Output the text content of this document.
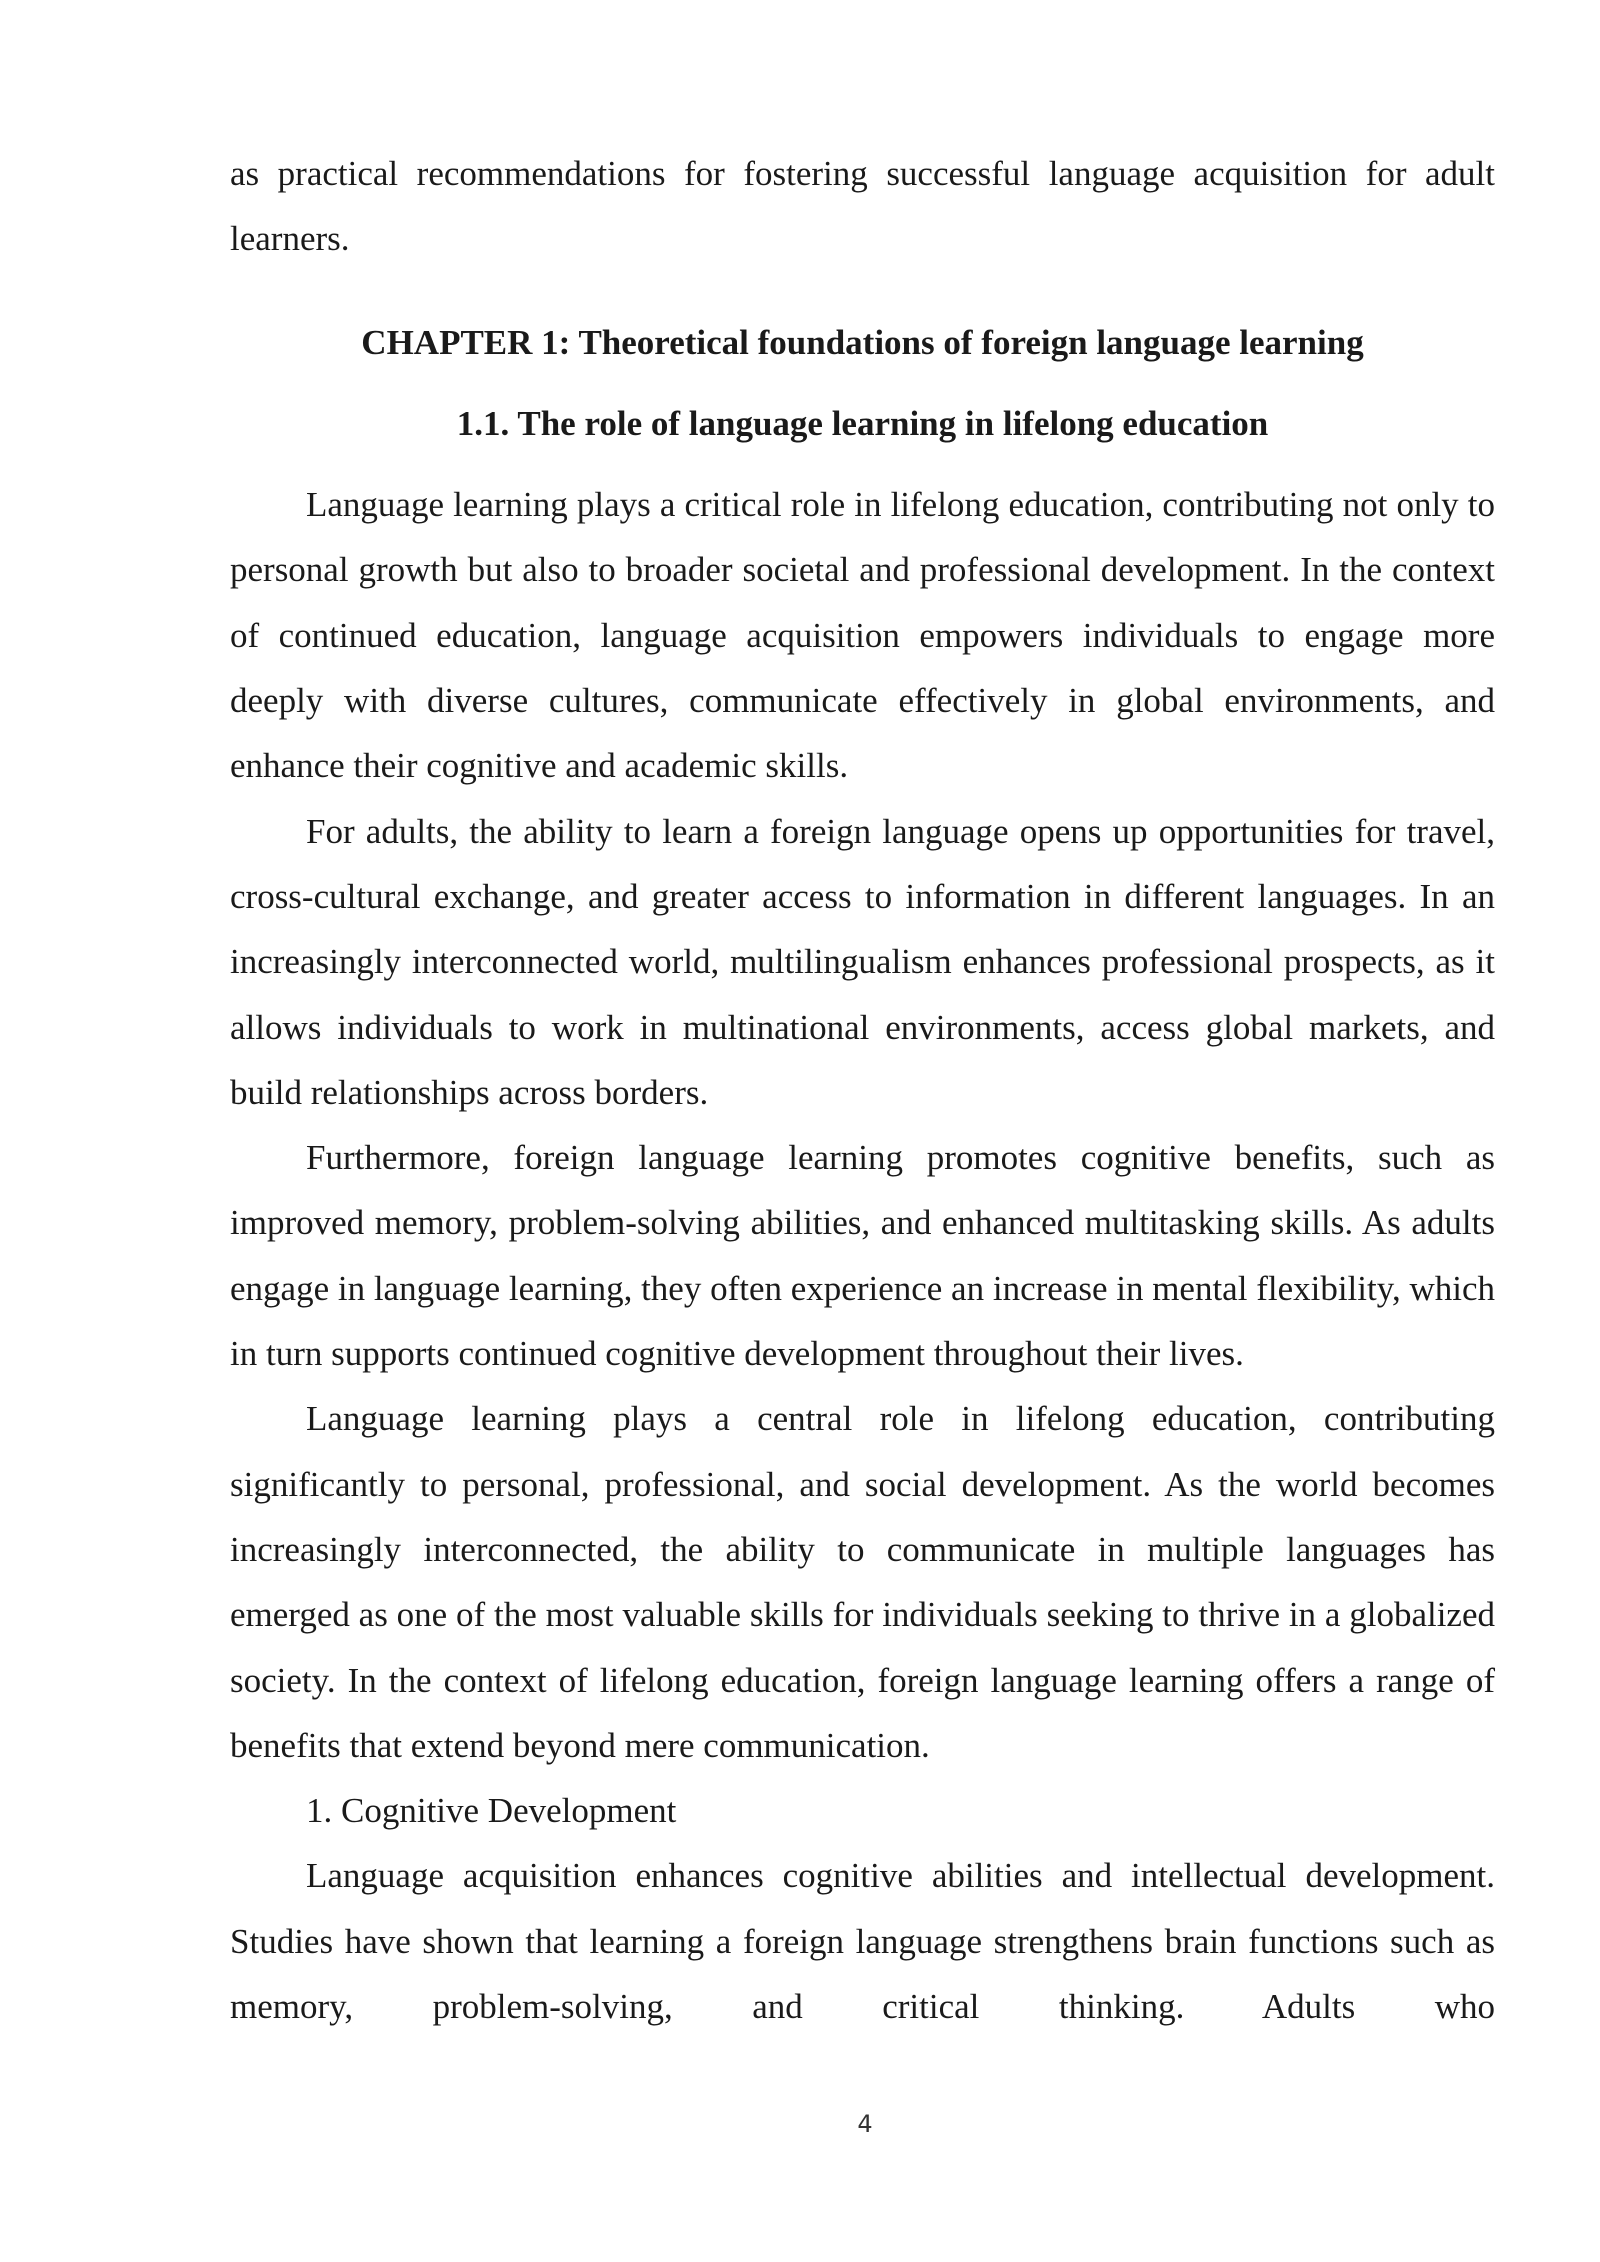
as practical recommendations for fostering successful language acquisition for adult learners.

CHAPTER 1: Theoretical foundations of foreign language learning

1.1. The role of language learning in lifelong education

Language learning plays a critical role in lifelong education, contributing not only to personal growth but also to broader societal and professional development. In the context of continued education, language acquisition empowers individuals to engage more deeply with diverse cultures, communicate effectively in global environments, and enhance their cognitive and academic skills.

For adults, the ability to learn a foreign language opens up opportunities for travel, cross-cultural exchange, and greater access to information in different languages. In an increasingly interconnected world, multilingualism enhances professional prospects, as it allows individuals to work in multinational environments, access global markets, and build relationships across borders.

Furthermore, foreign language learning promotes cognitive benefits, such as improved memory, problem-solving abilities, and enhanced multitasking skills. As adults engage in language learning, they often experience an increase in mental flexibility, which in turn supports continued cognitive development throughout their lives.

Language learning plays a central role in lifelong education, contributing significantly to personal, professional, and social development. As the world becomes increasingly interconnected, the ability to communicate in multiple languages has emerged as one of the most valuable skills for individuals seeking to thrive in a globalized society. In the context of lifelong education, foreign language learning offers a range of benefits that extend beyond mere communication.

1. Cognitive Development

Language acquisition enhances cognitive abilities and intellectual development. Studies have shown that learning a foreign language strengthens brain functions such as memory, problem-solving, and critical thinking. Adults who

4
